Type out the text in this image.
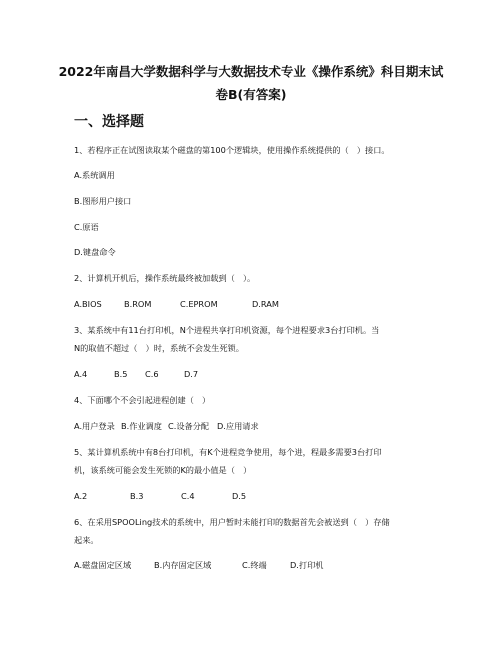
2022年南昌大学数据科学与大数据技术专业《操作系统》科目期末试
卷B(有答案)
一、选择题
1、若程序正在试图读取某个磁盘的第100个逻辑块，使用操作系统提供的（　）接口。
A.系统调用
B.图形用户接口
C.原语
D.键盘命令
2、计算机开机后，操作系统最终被加载到（　）。
A.BIOS	B.ROM	C.EPROM	D.RAM
3、某系统中有11台打印机，N个进程共享打印机资源，每个进程要求3台打印机。当
N的取值不超过（　）时，系统不会发生死锁。
A.4	B.5 C.6	D.7
4、下面哪个不会引起进程创建（　）
A.用户登录 B.作业调度 C.设备分配 D.应用请求
5、某计算机系统中有8台打印机，有K个进程竞争使用，每个进，程最多需要3台打印
机，该系统可能会发生死锁的K的最小值是（　）
A.2	B.3	C.4	D.5
6、在采用SPOOLing技术的系统中，用户暂时未能打印的数据首先会被送到（　）存储
起来。
A.磁盘固定区域	B.内存固定区域	C.终端	D.打印机
